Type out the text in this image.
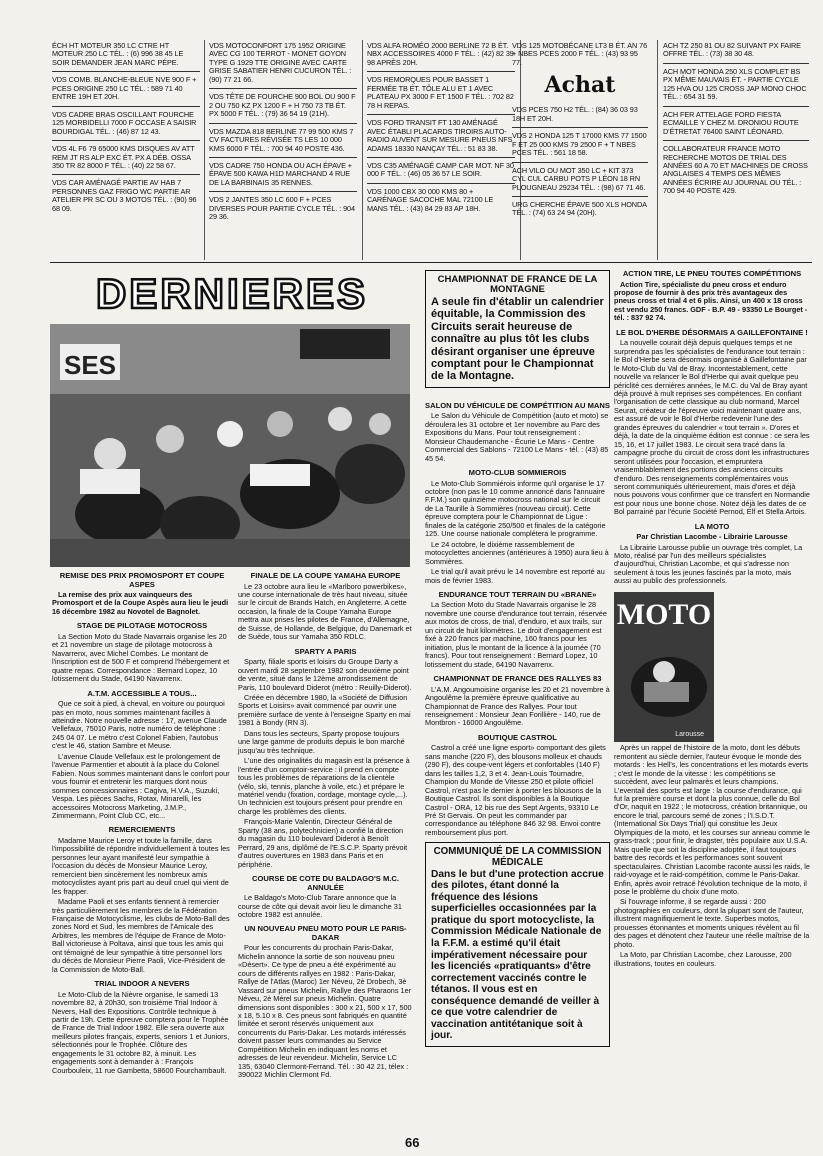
ÉCH HT MOTEUR 350 LC CTRE HT MOTEUR 250 LC TÉL. : (6) 996 38 45 LE SOIR DEMANDER JEAN MARC PÉPE.

VDS COMB. BLANCHE-BLEUE NVE 900 F + PCES ORIGINE 250 LC TÉL. : 589 71 40 ENTRE 19H ET 20H.

VDS CADRE BRAS OSCILLANT FOURCHE 125 MORBIDELLI 7000 F OCCASE A SAISIR BOURDIGAL TÉL. : (46) 87 12 43.

VDS 4L F6 79 65000 KMS DISQUES AV ATT REM JT RS ALP EXC ÉT. PX A DÉB. OSSA 350 TR 82 8000 F TÉL. : (40) 22 58 67.

VDS CAR AMÉNAGÉ PARTIE AV HAB 7 PERSONNES GAZ FRIGO WC PARTIE AR ATELIER PR SC OU 3 MOTOS TÉL. : (90) 96 68 09.

VDS MOTOCONFORT 175 1952 ORIGINE AVEC CG 100 TERROT - MONET GOYON TYPE G 1929 TTE ORIGINE AVEC CARTE GRISE SABATIER HENRI CUCURON TÉL. : (90) 77 21 66.

VDS TÊTE DE FOURCHE 900 BOL OU 900 F 2 OU 750 KZ PX 1200 F + H 750 73 TB ÉT. PX 5000 F TÉL. : (79) 36 54 19 (21H).

VDS MAZDA 818 BERLINE 77 99 500 KMS 7 CV FACTURES RÉVISÉE TS LES 10 000 KMS 6000 F TÉL. : 700 94 40 POSTE 436.

VDS CADRE 750 HONDA OU ACH ÉPAVE + ÉPAVE 500 KAWA H1D MARCHAND 4 RUE DE LA BARBINAIS 35 RENNES.

VDS 2 JANTES 350 LC 600 F + PCES DIVERSES POUR PARTIE CYCLE TÉL. : 904 29 36.

VDS ALFA ROMÉO 2000 BERLINE 72 B ÉT. NBX ACCESSOIRES 4000 F TÉL. : (42) 82 39 98 APRÈS 20H.

VDS REMORQUES POUR BASSET 1 FERMÉE TB ÉT. TÔLE ALU ET 1 AVEC PLATEAU PX 3000 F ET 1500 F TÉL. : 702 82 78 H REPAS.

VDS FORD TRANSIT FT 130 AMÉNAGÉ AVEC ÉTABLI PLACARDS TIROIRS AUTO-RADIO AUVENT SUR MESURE PNEUS NFS ADAMS 18330 NANÇAY TÉL. : 51 83 38.

VDS C35 AMÉNAGÉ CAMP CAR MOT. NF 30 000 F TÉL. : (46) 05 36 57 LE SOIR.

VDS 1000 CBX 30 000 KMS 80 + CARÉNAGE SACOCHE MAL 72100 LE MANS TÉL. : (43) 84 29 83 AP 18H.

VDS 125 MOTOBÉCANE LT3 B ÉT. AN 76 + NBES PCES 2000 F TÉL. : (43) 93 95 77.

Achat

VDS PCES 750 H2 TÉL. : (84) 36 03 93 18H ET 20H.

VDS 2 HONDA 125 T 17000 KMS 77 1500 F ET 25 000 KMS 79 2500 F + T NBES PCES TÉL. : 561 18 58.

ACH VILO OU MOT 350 LC + KIT 373 CYL CUL CARBU POTS P LÉON 18 RN PLOUGNEAU 29234 TÉL. : (98) 67 71 46.

URG CHERCHE ÉPAVE 500 XLS HONDA TÉL. : (74) 63 24 94 (20H).

ACH TZ 250 81 OU 82 SUIVANT PX FAIRE OFFRE TÉL. : (73) 38 30 48.

ACH MOT HONDA 250 XLS COMPLET BS PX MÊME MAUVAIS ÉT. - PARTIE CYCLE 125 HVA OU 125 CROSS JAP MONO CHOC TÉL. : 654 31 59.

ACH FER ATTELAGE FORD FIESTA ECMAILLE Y CHEZ M. DRONIOU ROUTE D'ÉTRETAT 76400 SAINT LÉONARD.

COLLABORATEUR FRANCE MOTO RECHERCHE MOTOS DE TRIAL DES ANNÉES 60 A 70 ET MACHINES DE CROSS ANGLAISES 4 TEMPS DES MÊMES ANNÉES ÉCRIRE AU JOURNAL OU TÉL. : 700 94 40 POSTE 429.

DERNIERES
SES
REMISE DES PRIX PROMOSPORT ET COUPE ASPES

La remise des prix aux vainqueurs des Promosport et de la Coupe Aspès aura lieu le jeudi 16 décembre 1982 au Novotel de Bagnolet.

STAGE DE PILOTAGE MOTOCROSS

La Section Moto du Stade Navarrais organise les 20 et 21 novembre un stage de pilotage motocross à Navarrenx, avec Michel Combes. Le montant de l'inscription est de 500 F et comprend l'hébergement et quatre repas. Correspondance : Bernard Lopez, 10 lotissement du Stade, 64190 Navarrenx.

A.T.M. ACCESSIBLE A TOUS...

Que ce soit à pied, à cheval, en voiture ou pourquoi pas en moto, nous sommes maintenant facilles à atteindre. Notre nouvelle adresse : 17, avenue Claude Vellefaux, 75010 Paris, notre numéro de téléphone : 245 04 07. Le métro c'est Colonel Fabien, l'autobus c'est le 46, station Sambre et Meuse.

L'avenue Claude Vellefaux est le prolongement de l'avenue Parmentier et aboutit à la place du Colonel Fabien. Nous sommes maintenant dans le confort pour vous fournir et entretenir les marques dont nous sommes concessionnaires : Cagiva, H.V.A., Suzuki, Vespa. Les pièces Sachs, Rotax, Minarelli, les accessoires Motocross Marketing, J.M.P., Zimmermann, Point Club CC, etc...

REMERCIEMENTS

Madame Maurice Leroy et toute la famille, dans l'impossibilité de répondre individuellement à toutes les personnes leur ayant manifesté leur sympathie à l'occasion du décès de Monsieur Maurice Leroy, remercient bien sincèrement les nombreux amis motocyclistes ayant pris part au deuil cruel qui vient de les frapper.

Madame Paoli et ses enfants tiennent à remercier très particulièrement les membres de la Fédération Française de Motocyclisme, les clubs de Moto-Ball des zones Nord et Sud, les membres de l'Amicale des Arbitres, les membres de l'équipe de France de Moto-Ball victorieuse à Poltava, ainsi que tous les amis qui ont témoigné de leur sympathie à titre personnel lors du décès de Monsieur Pierre Paoli, Vice-Président de la Commission de Moto-Ball.

TRIAL INDOOR A NEVERS

Le Moto-Club de la Nièvre organise, le samedi 13 novembre 82, à 20h30, son troisième Trial Indoor à Nevers, Hall des Expositions. Contrôle technique à partir de 19h. Cette épreuve comptera pour le Trophée de France de Trial Indoor 1982. Elle sera ouverte aux meilleurs pilotes français, experts, seniors 1 et Juniors, sélectionnés pour le Trophée. Clôture des engagements le 31 octobre 82, à minuit. Les engagements sont à demander à : François Courbouleix, 11 rue Gambetta, 58600 Fourchambault.

FINALE DE LA COUPE YAMAHA EUROPE

Le 23 octobre aura lieu le «Marlboro powerbikes», une course internationale de très haut niveau, située sur le circuit de Brands Hatch, en Angleterre. A cette occasion, la finale de la Coupe Yamaha Europe mettra aux prises les pilotes de France, d'Allemagne, de Suisse, de Hollande, de Belgique, du Danemark et de Suède, tous sur Yamaha 350 RDLC.

SPARTY A PARIS

Sparty, filiale sports et loisirs du Groupe Darty a ouvert mardi 28 septembre 1982 son deuxième point de vente, situé dans le 12ème arrondissement de Paris, 110 boulevard Diderot (métro : Reuilly-Diderot).

Créée en décembre 1980, la «Société de Diffusion Sports et Loisirs» avait commencé par ouvrir une première surface de vente à l'enseigne Sparty en mai 1981 à Bondy (RN 3).

Dans tous les secteurs, Sparty propose toujours une large gamme de produits depuis le bon marché jusqu'au très technique.

L'une des originalités du magasin est la présence à l'entrée d'un comptoir-service : il prend en compte tous les problèmes de réparations de la clientèle (vélo, ski, tennis, planche à voile, etc.) et prépare le matériel vendu (fixation, cordage, montage cycle,...). Un technicien est toujours présent pour prendre en charge les problèmes des clients.

François-Marie Valentin, Directeur Général de Sparty (38 ans, polytechnicien) a confié la direction du magasin du 110 boulevard Diderot à Benoît Perrard, 29 ans, diplômé de l'E.S.C.P. Sparty prévoit d'autres ouvertures en 1983 dans Paris et en périphérie.

COURSE DE COTE DU BALDAGO'S M.C. ANNULÉE

Le Baldago's Moto-Club Tarare annonce que la course de côte qui devait avoir lieu le dimanche 31 octobre 1982 est annulée.

UN NOUVEAU PNEU MOTO POUR LE PARIS-DAKAR

Pour les concurrents du prochain Paris-Dakar, Michelin annonce la sortie de son nouveau pneu «Désert». Ce type de pneu a été expérimenté au cours de différents rallyes en 1982 : Paris-Dakar, Rallye de l'Atlas (Maroc) 1er Néveu, 2è Drobech, 3è Vassard sur pneus Michelin, Rallye des Pharaons 1er Néveu, 2è Mérel sur pneus Michelin. Quatre dimensions sont disponibles : 300 x 21, 500 x 17, 500 x 18, 5.10 x 8. Ces pneus sont fabriqués en quantité limitée et seront réservés uniquement aux concurrents du Paris-Dakar. Les motards intéressés doivent passer leurs commandes au Service Compétition Michelin en indiquant les noms et adresses de leur revendeur. Michelin, Service LC 135, 63040 Clermont-Ferrand. Tél. : 30 42 21, télex : 390022 Michlin Clermont Fd.

CHAMPIONNAT DE FRANCE DE LA MONTAGNE
A seule fin d'établir un calendrier équitable, la Commission des Circuits serait heureuse de connaître au plus tôt les clubs désirant organiser une épreuve comptant pour le Championnat de la Montagne.
SALON DU VÉHICULE DE COMPÉTITION AU MANS

Le Salon du Véhicule de Compétition (auto et moto) se déroulera les 31 octobre et 1er novembre au Parc des Expositions du Mans. Pour tout renseignement : Monsieur Chaudemanche - Écurie Le Mans - Centre Commercial des Sablons - 72100 Le Mans - tél. : (43) 85 45 54.

MOTO-CLUB SOMMIEROIS

Le Moto-Club Sommiérois informe qu'il organise le 17 octobre (non pas le 10 comme annoncé dans l'annuaire F.F.M.) son quinzième motocross national sur le circuit de La Taurille à Sommières (nouveau circuit). Cette épreuve comptera pour le Championnat de Ligue : finales de la catégorie 250/500 et finales de la catégorie 125. Une course nationale complétera le programme.

Le 24 octobre, le dixième rassemblement de motocyclettes anciennes (antérieures à 1950) aura lieu à Sommières.

Le trial qu'il avait prévu le 14 novembre est reporté au mois de février 1983.

ENDURANCE TOUT TERRAIN DU «BRANE»

La Section Moto du Stade Navarrais organise le 28 novembre une course d'endurance tout terrain, réservée aux motos de cross, de trial, d'enduro, et aux trails, sur un circuit de huit kilomètres. Le droit d'engagement est fixé à 220 francs par machine, 160 francs pour les initiation, plus le montant de la licence à la journée (70 francs). Pour tout renseignement : Bernard Lopez, 10 lotissement du stade, 64190 Navarrenx.

CHAMPIONNAT DE FRANCE DES RALLYES 83

L'A.M. Angoumoisine organise les 20 et 21 novembre à Angoulême la première épreuve qualificative au Championnat de France des Rallyes. Pour tout renseignement : Monsieur Jean Forillière - 140, rue de Montbron - 16000 Angoulême.

BOUTIQUE CASTROL

Castrol a créé une ligne esport» comportant des gilets sans manche (220 F), des blousons molleux et chauds (290 F), des coupe-vent légers et confortables (140 F) dans les tailles 1,2, 3 et 4. Jean-Louis Tournadre, Champion du Monde de Vitesse 250 et pilote officiel Castrol, n'est pas le dernier à porter les blousons de la Boutique Castrol. Ils sont disponibles à la Boutique Castrol - ORA, 12 bis rue des Sept Argents, 93310 Le Pré St Gervais. On peut les commander par correspondance au téléphone 846 32 98. Envoi contre remboursement plus port.

COMMUNIQUÉ DE LA COMMISSION MÉDICALE
Dans le but d'une protection accrue des pilotes, étant donné la fréquence des lésions superficielles occasionnées par la pratique du sport motocycliste, la Commission Médicale Nationale de la F.F.M. a estimé qu'il était impérativement nécessaire pour les licenciés «pratiquants» d'être correctement vaccinés contre le tétanos. Il vous est en conséquence demandé de veiller à ce que votre calendrier de vaccination antitétanique soit à jour.
ACTION TIRE, LE PNEU TOUTES COMPÉTITIONS

Action Tire, spécialiste du pneu cross et enduro propose de fournir à des prix très avantageux des pneus cross et trial 4 et 6 plis. Ainsi, un 400 x 18 cross est vendu 250 francs. GDF - B.P. 49 - 93350 Le Bourget - tél. : 837 92 74.

LE BOL D'HERBE DÉSORMAIS A GAILLEFONTAINE !

La nouvelle courait déjà depuis quelques temps et ne surprendra pas les spécialistes de l'endurance tout terrain : le Bol d'Herbe sera désormais organisé à Gaillefontaine par le Moto-Club du Val de Bray. Incontestablement, cette nouvelle va relancer le Bol d'Herbe qui avait quelque peu périclité ces dernières années, le M.C. du Val de Bray ayant déjà prouvé à mult reprises ses compétences. En confiant l'organisation de cette classique au club normand, Marcel Seurat, créateur de l'épreuve voici maintenant quatre ans, est assuré de voir le Bol d'Herbe redevenir l'une des grandes épreuves du calendrier « tout terrain ». D'ores et déjà, la date de la cinquième édition est connue : ce sera les 15, 16, et 17 juillet 1983. Le circuit sera tracé dans la campagne proche du circuit de cross dont les infrastructures seront utilisées pour l'occasion, et empruntera vraisemblablement des portions des anciens circuits d'enduro. Des renseignements complémentaires vous seront communiqués ultérieurement, mais d'ores et déjà nous pouvons vous confirmer que ce transfert en Normandie est pour nous une bonne chose. Notez déjà les dates de ce Bol parrainé par l'écurie Société Pernod, Elf et Stella Artois.

LA MOTO
Par Christian Lacombe - Librairie Larousse

La Librairie Larousse publie un ouvrage très complet, La Moto, réalisé par l'un des meilleurs spécialistes d'aujourd'hui, Christian Lacombe, et qui s'adresse non seulement à tous les jeunes fascinés par la moto, mais aussi au public des professionnels.

MOTO
Larousse

Après un rappel de l'histoire de la moto, dont les débuts remontent au siècle dernier, l'auteur évoque le monde des motards : les Hell's, les concentrations et les motards everts ; c'est le monde de la vitesse : les compétitions se succèdent, avec leur palmarès et leurs champions. L'eventail des sports est large : la course d'endurance, qui fut la première course et dont la plus connue, celle du Bol d'Or, naquit en 1922 ; le motocross, création britannique, ou encore le trial, parcours semé de zones ; l'I.S.D.T. (International Six Days Trial) qui constitue les Jeux Olympiques de la moto, et les courses sur anneau comme le grass-track ; pour finir, le dragster, très populaire aux U.S.A. Mais quelle que soit la discipline adoptée, il faut toujours battre des records et les performances sont souvent spectaculaires. Christian Lacombe raconte aussi les raids, le raid-voyage et le raid-compétition, comme le Paris-Dakar. Enfin, après avoir retracé l'évolution technique de la moto, il pose le problème du choix d'une moto.

Si l'ouvrage informe, il se regarde aussi : 200 photographies en couleurs, dont la plupart sont de l'auteur, illustrent magnifiquement le texte. Superbes motos, prouesses étonnantes et moments uniques révèlent au fil des pages et dénotent chez l'auteur une réelle maîtrise de la photo.

La Moto, par Christian Lacombe, chez Larousse, 200 illustrations, toutes en couleurs.

66
